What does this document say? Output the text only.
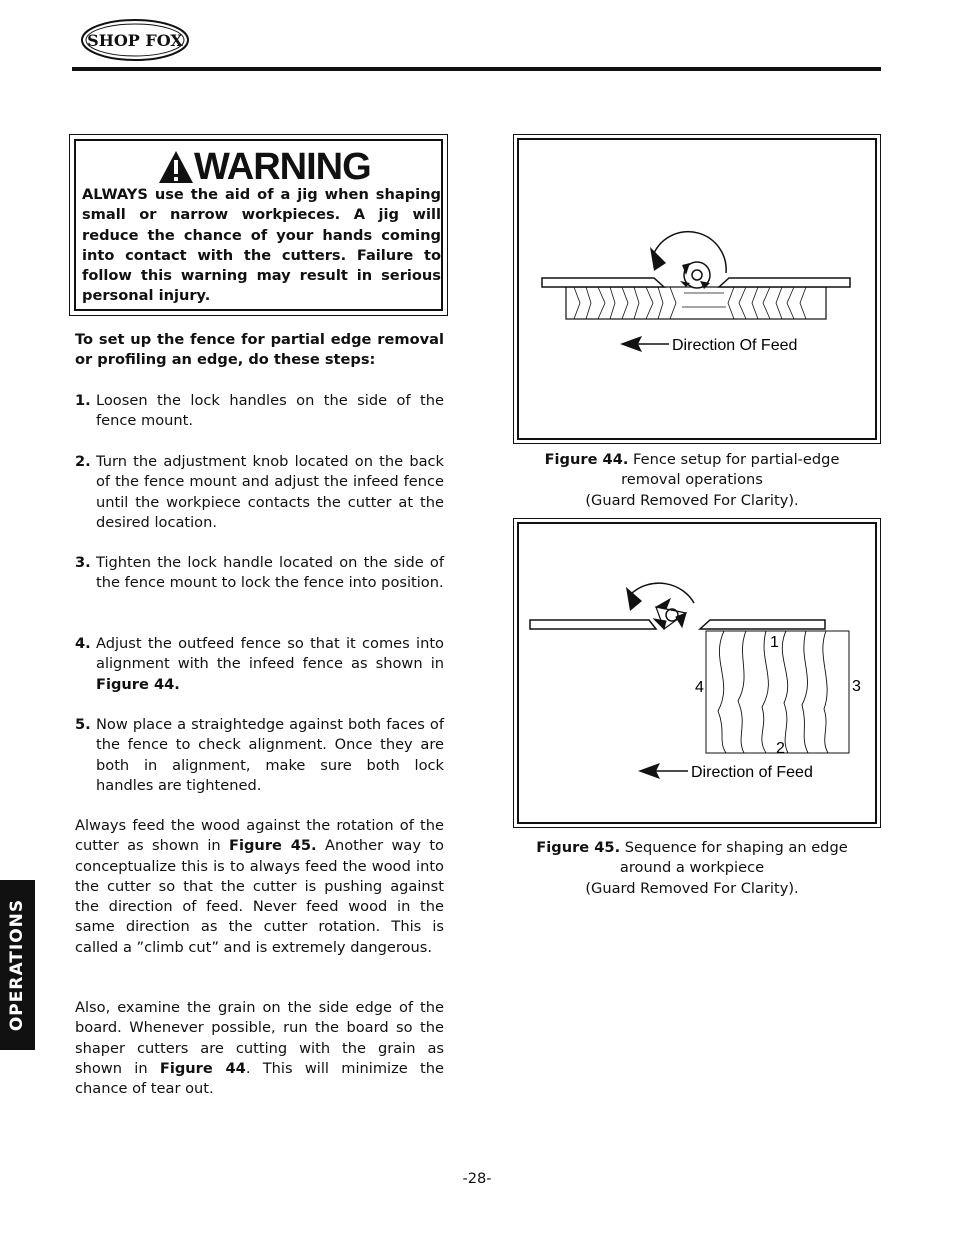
SHOP FOX
WARNING
ALWAYS use the aid of a jig when shaping small or narrow workpieces. A jig will reduce the chance of your hands coming into contact with the cutters. Failure to follow this warning may result in serious personal injury.

To set up the fence for partial edge removal or profiling an edge, do these steps:

1. Loosen the lock handles on the side of the fence mount.
2. Turn the adjustment knob located on the back of the fence mount and adjust the infeed fence until the workpiece contacts the cutter at the desired location.
3. Tighten the lock handle located on the side of the fence mount to lock the fence into position.
4. Adjust the outfeed fence so that it comes into alignment with the infeed fence as shown in Figure 44.
5. Now place a straightedge against both faces of the fence to check alignment. Once they are both in alignment, make sure both lock handles are tightened.

Always feed the wood against the rotation of the cutter as shown in Figure 45. Another way to conceptualize this is to always feed the wood into the cutter so that the cutter is pushing against the direction of feed. Never feed wood in the same direction as the cutter rotation. This is called a ”climb cut” and is extremely dangerous.

Also, examine the grain on the side edge of the board. Whenever possible, run the board so the shaper cutters are cutting with the grain as shown in Figure 44. This will minimize the chance of tear out.

Direction Of Feed
Figure 44. Fence setup for partial-edge removal operations
(Guard Removed For Clarity).
1
2
3
4
Direction of Feed
Figure 45. Sequence for shaping an edge around a workpiece
(Guard Removed For Clarity).
OPERATIONS
-28-
